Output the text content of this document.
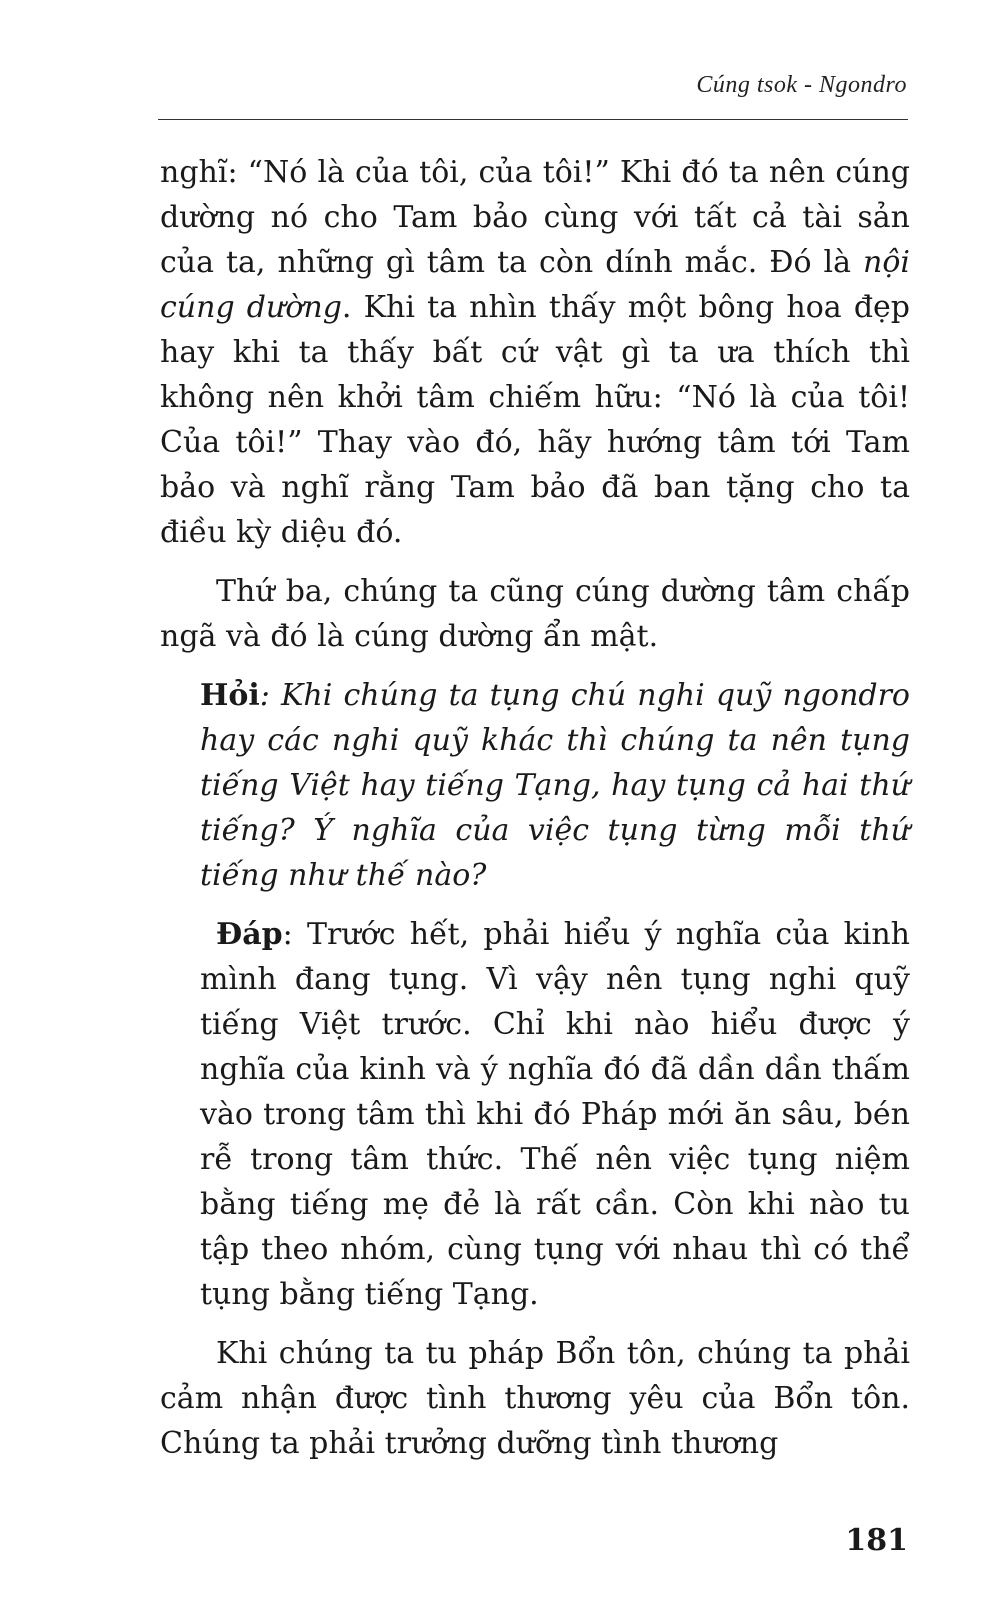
Cúng tsok - Ngondro

nghĩ: “Nó là của tôi, của tôi!” Khi đó ta nên cúng dường nó cho Tam bảo cùng với tất cả tài sản của ta, những gì tâm ta còn dính mắc. Đó là nội cúng dường. Khi ta nhìn thấy một bông hoa đẹp hay khi ta thấy bất cứ vật gì ta ưa thích thì không nên khởi tâm chiếm hữu: “Nó là của tôi! Của tôi!” Thay vào đó, hãy hướng tâm tới Tam bảo và nghĩ rằng Tam bảo đã ban tặng cho ta điều kỳ diệu đó.

Thứ ba, chúng ta cũng cúng dường tâm chấp ngã và đó là cúng dường ẩn mật.

Hỏi: Khi chúng ta tụng chú nghi quỹ ngondro hay các nghi quỹ khác thì chúng ta nên tụng tiếng Việt hay tiếng Tạng, hay tụng cả hai thứ tiếng? Ý nghĩa của việc tụng từng mỗi thứ tiếng như thế nào?

Đáp: Trước hết, phải hiểu ý nghĩa của kinh mình đang tụng. Vì vậy nên tụng nghi quỹ tiếng Việt trước. Chỉ khi nào hiểu được ý nghĩa của kinh và ý nghĩa đó đã dần dần thấm vào trong tâm thì khi đó Pháp mới ăn sâu, bén rễ trong tâm thức. Thế nên việc tụng niệm bằng tiếng mẹ đẻ là rất cần. Còn khi nào tu tập theo nhóm, cùng tụng với nhau thì có thể tụng bằng tiếng Tạng.

Khi chúng ta tu pháp Bổn tôn, chúng ta phải cảm nhận được tình thương yêu của Bổn tôn. Chúng ta phải trưởng dưỡng tình thương

181
